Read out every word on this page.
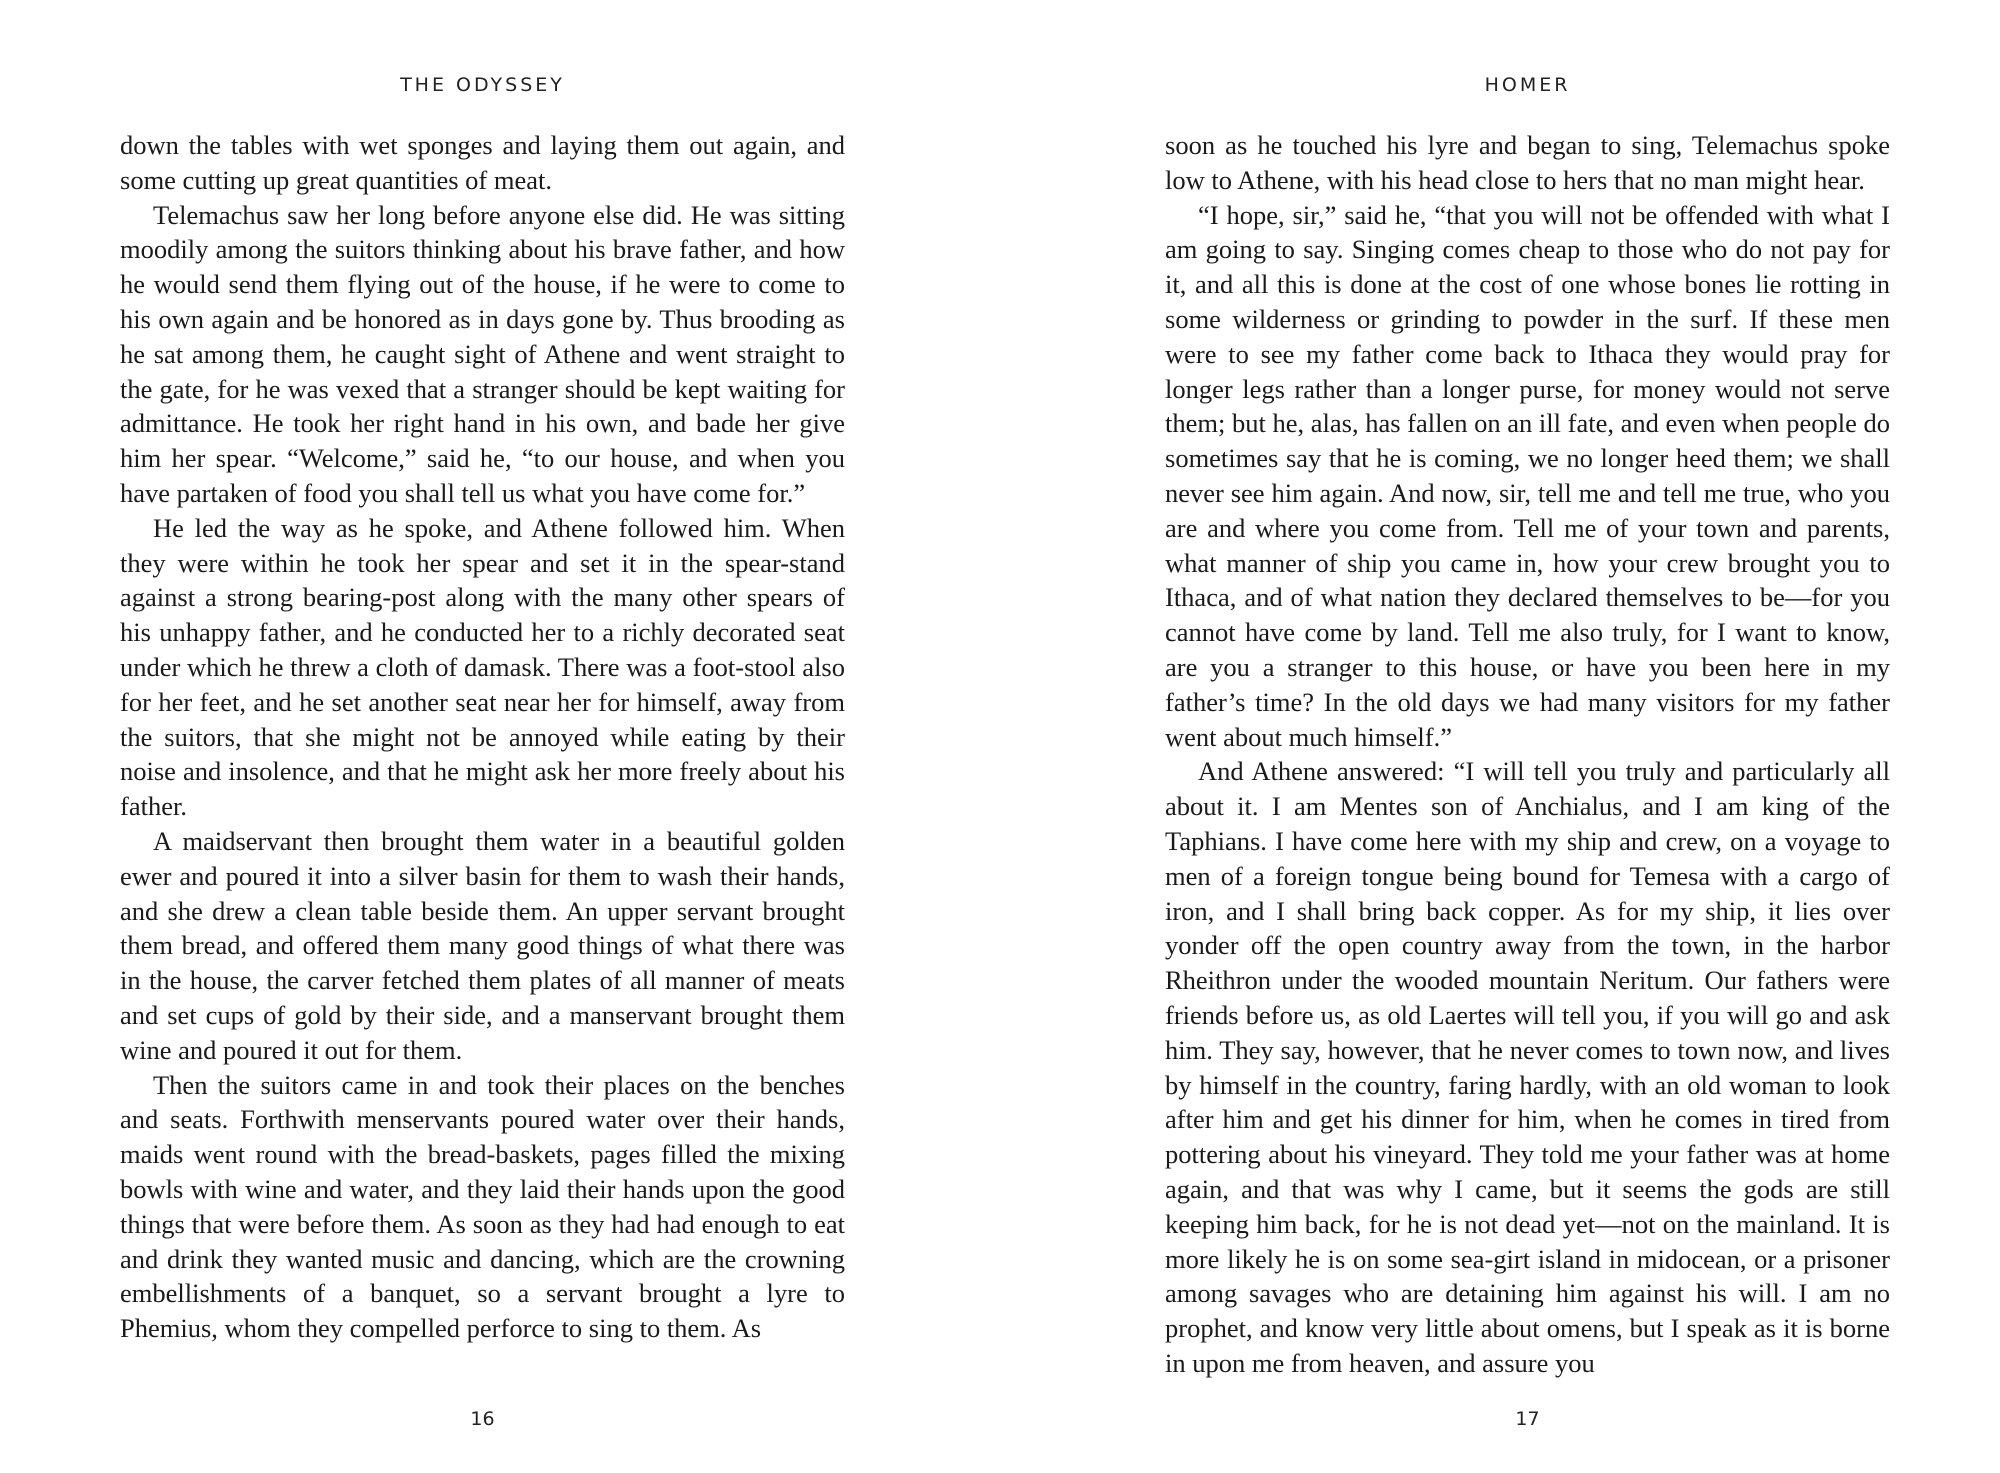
THE ODYSSEY

down the tables with wet sponges and laying them out again, and some cutting up great quantities of meat.

Telemachus saw her long before anyone else did. He was sitting moodily among the suitors thinking about his brave father, and how he would send them flying out of the house, if he were to come to his own again and be honored as in days gone by. Thus brooding as he sat among them, he caught sight of Athene and went straight to the gate, for he was vexed that a stranger should be kept waiting for admittance. He took her right hand in his own, and bade her give him her spear. “Welcome,” said he, “to our house, and when you have partaken of food you shall tell us what you have come for.”

He led the way as he spoke, and Athene followed him. When they were within he took her spear and set it in the spear-stand against a strong bearing-post along with the many other spears of his unhappy father, and he conducted her to a richly decorated seat under which he threw a cloth of damask. There was a foot-stool also for her feet, and he set another seat near her for himself, away from the suitors, that she might not be annoyed while eating by their noise and insolence, and that he might ask her more freely about his father.

A maidservant then brought them water in a beautiful golden ewer and poured it into a silver basin for them to wash their hands, and she drew a clean table beside them. An upper servant brought them bread, and offered them many good things of what there was in the house, the carver fetched them plates of all manner of meats and set cups of gold by their side, and a manservant brought them wine and poured it out for them.

Then the suitors came in and took their places on the benches and seats. Forthwith menservants poured water over their hands, maids went round with the bread-baskets, pages filled the mixing bowls with wine and water, and they laid their hands upon the good things that were before them. As soon as they had had enough to eat and drink they wanted music and dancing, which are the crowning embellishments of a banquet, so a servant brought a lyre to Phemius, whom they compelled perforce to sing to them. As

16
HOMER

soon as he touched his lyre and began to sing, Telemachus spoke low to Athene, with his head close to hers that no man might hear.

“I hope, sir,” said he, “that you will not be offended with what I am going to say. Singing comes cheap to those who do not pay for it, and all this is done at the cost of one whose bones lie rotting in some wilderness or grinding to powder in the surf. If these men were to see my father come back to Ithaca they would pray for longer legs rather than a longer purse, for money would not serve them; but he, alas, has fallen on an ill fate, and even when people do sometimes say that he is coming, we no longer heed them; we shall never see him again. And now, sir, tell me and tell me true, who you are and where you come from. Tell me of your town and parents, what manner of ship you came in, how your crew brought you to Ithaca, and of what nation they declared themselves to be—for you cannot have come by land. Tell me also truly, for I want to know, are you a stranger to this house, or have you been here in my father’s time? In the old days we had many visitors for my father went about much himself.”

And Athene answered: “I will tell you truly and particularly all about it. I am Mentes son of Anchialus, and I am king of the Taphians. I have come here with my ship and crew, on a voyage to men of a foreign tongue being bound for Temesa with a cargo of iron, and I shall bring back copper. As for my ship, it lies over yonder off the open country away from the town, in the harbor Rheithron under the wooded mountain Neritum. Our fathers were friends before us, as old Laertes will tell you, if you will go and ask him. They say, however, that he never comes to town now, and lives by himself in the country, faring hardly, with an old woman to look after him and get his dinner for him, when he comes in tired from pottering about his vineyard. They told me your father was at home again, and that was why I came, but it seems the gods are still keeping him back, for he is not dead yet—not on the mainland. It is more likely he is on some sea-girt island in midocean, or a prisoner among savages who are detaining him against his will. I am no prophet, and know very little about omens, but I speak as it is borne in upon me from heaven, and assure you

17
